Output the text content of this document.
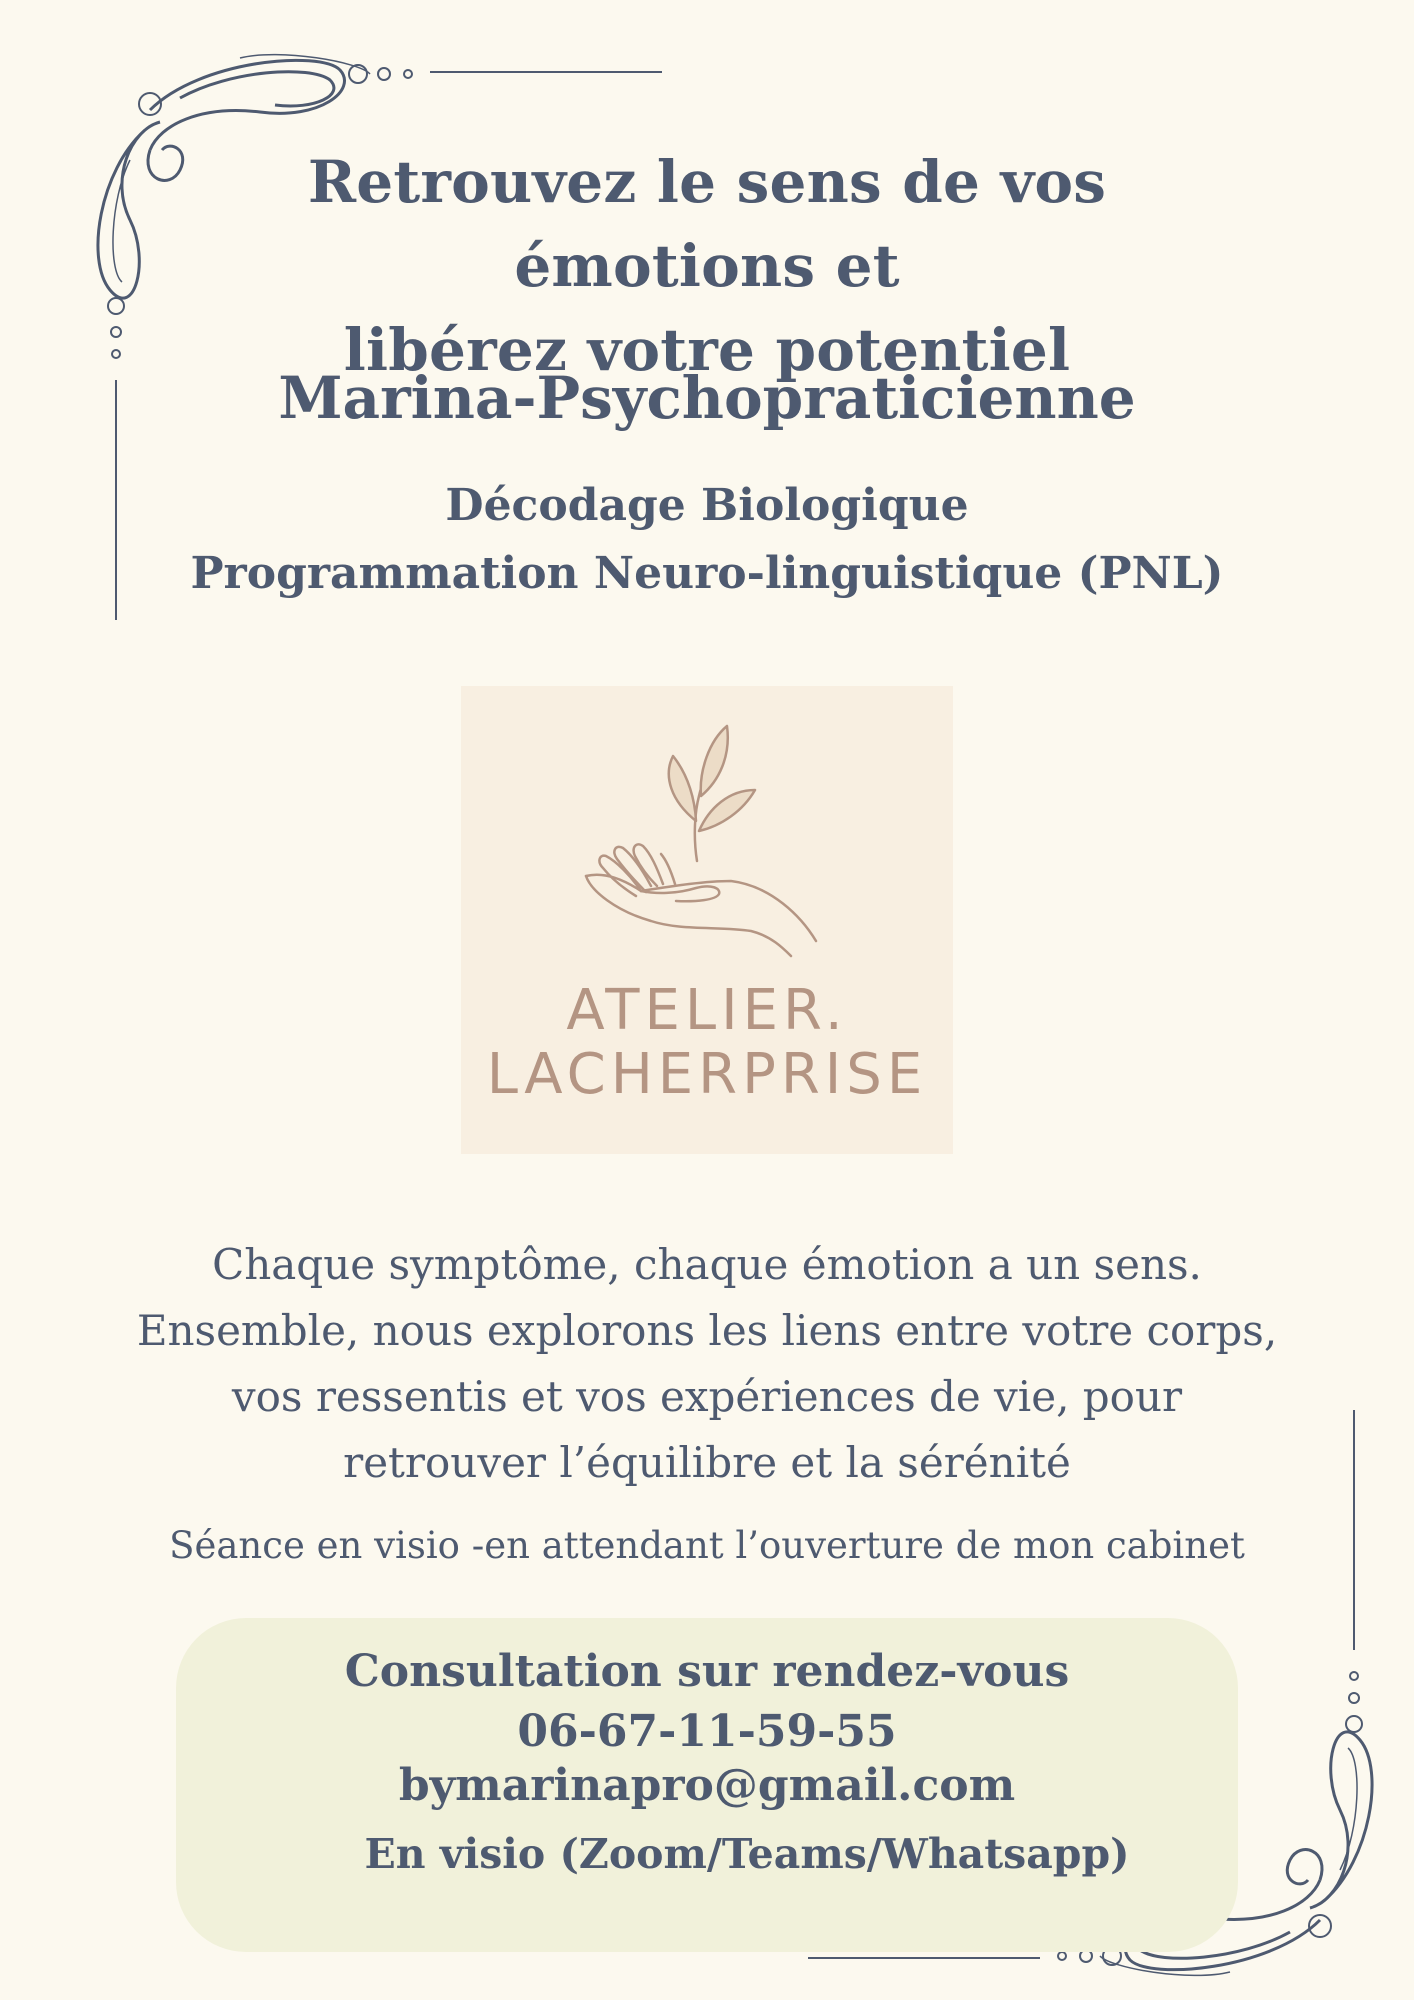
Retrouvez le sens de vos émotions et
libérez votre potentiel
Marina-Psychopraticienne
Décodage Biologique
Programmation Neuro-linguistique (PNL)
ATELIER.
LACHERPRISE
Chaque symptôme, chaque émotion a un sens.
Ensemble, nous explorons les liens entre votre corps,
vos ressentis et vos expériences de vie, pour
retrouver l’équilibre et la sérénité
Séance en visio -en attendant l’ouverture de mon cabinet
Consultation sur rendez-vous
06-67-11-59-55
bymarinapro@gmail.com
En visio (Zoom/Teams/Whatsapp)
